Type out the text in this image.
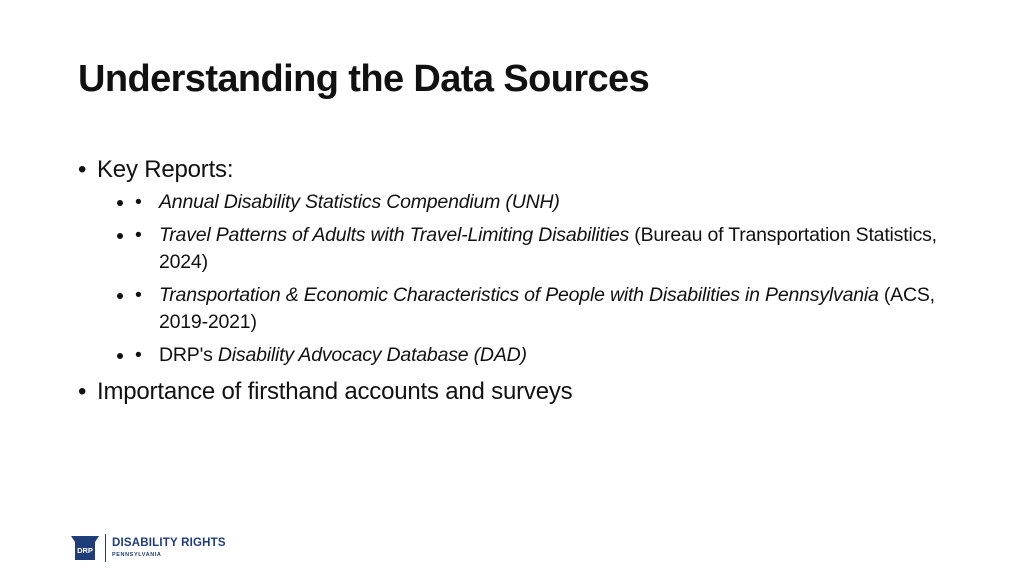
Understanding the Data Sources
• Key Reports:
• • Annual Disability Statistics Compendium (UNH)
• • Travel Patterns of Adults with Travel-Limiting Disabilities (Bureau of Transportation Statistics, 2024)
• • Transportation & Economic Characteristics of People with Disabilities in Pennsylvania (ACS, 2019-2021)
• • DRP's Disability Advocacy Database (DAD)
• Importance of firsthand accounts and surveys
DRP
DISABILITY RIGHTS
PENNSYLVANIA
